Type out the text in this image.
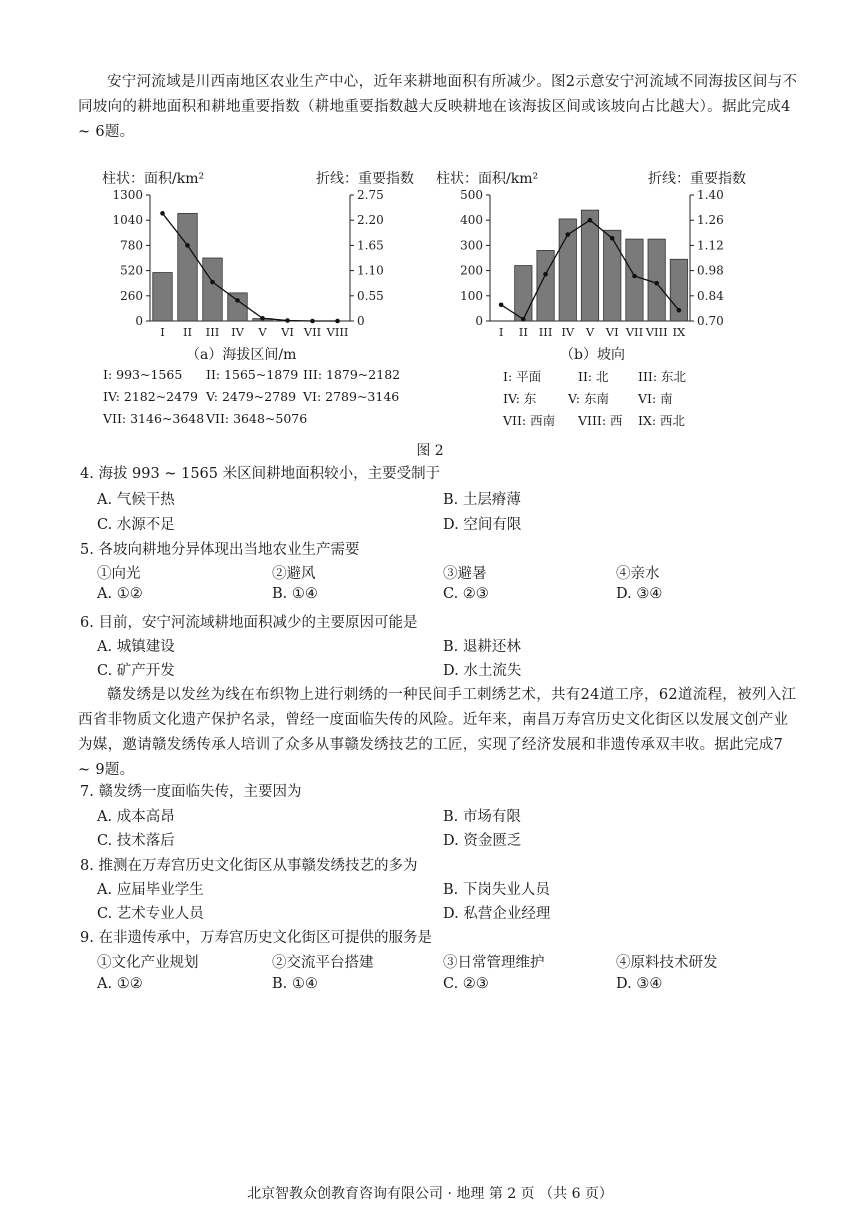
安宁河流域是川西南地区农业生产中心，近年来耕地面积有所减少。图2示意安宁河流域不同海拔区间与不同坡向的耕地面积和耕地重要指数（耕地重要指数越大反映耕地在该海拔区间或该坡向占比越大）。据此完成4 ~ 6题。
柱状：面积/km²	折线：重要指数
0
260
520
780
1040
1300
0
0.55
1.10
1.65
2.20
2.75
I II III IV V VI VII VIII
（a）海拔区间/m
I: 993~1565 II: 1565~1879 III: 1879~2182
IV: 2182~2479 V: 2479~2789 VI: 2789~3146
VII: 3146~3648 VII: 3648~5076
柱状：面积/km²	折线：重要指数
0
100
200
300
400
500
0.70
0.84
0.98
1.12
1.26
1.40
I II III IV V VI VII VIII IX
（b）坡向
I: 平面	II: 北 III: 东北
IV: 东	V: 东南 VI: 南
VII: 西南 VIII: 西 IX: 西北
图 2
4. 海拔 993 ~ 1565 米区间耕地面积较小，主要受制于
A. 气候干热	B. 土层瘠薄
C. 水源不足	D. 空间有限
5. 各坡向耕地分异体现出当地农业生产需要
①向光	②避风	③避暑	④亲水
A. ①②	B. ①④	C. ②③	D. ③④
6. 目前，安宁河流域耕地面积减少的主要原因可能是
A. 城镇建设	B. 退耕还林
C. 矿产开发	D. 水土流失
赣发绣是以发丝为线在布织物上进行刺绣的一种民间手工刺绣艺术，共有24道工序，62道流程，被列入江西省非物质文化遗产保护名录，曾经一度面临失传的风险。近年来，南昌万寿宫历史文化街区以发展文创产业为媒，邀请赣发绣传承人培训了众多从事赣发绣技艺的工匠，实现了经济发展和非遗传承双丰收。据此完成7 ~ 9题。
7. 赣发绣一度面临失传，主要因为
A. 成本高昂	B. 市场有限
C. 技术落后	D. 资金匮乏
8. 推测在万寿宫历史文化街区从事赣发绣技艺的多为
A. 应届毕业学生	B. 下岗失业人员
C. 艺术专业人员	D. 私营企业经理
9. 在非遗传承中，万寿宫历史文化街区可提供的服务是
①文化产业规划	②交流平台搭建	③日常管理维护	④原料技术研发
A. ①②	B. ①④	C. ②③	D. ③④
北京智教众创教育咨询有限公司 · 地理 第 2 页 （共 6 页）
